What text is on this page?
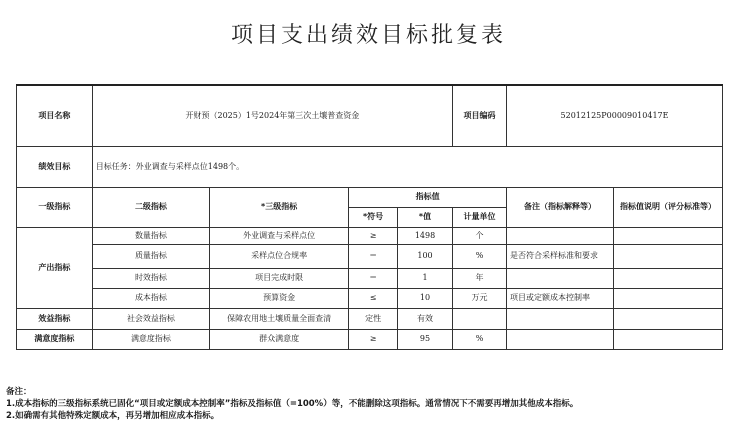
项目支出绩效目标批复表
项目名称	开财预（2025）1号2024年第三次土壤普查资金				项目编码	52012125P00009010417E	
绩效目标	目标任务：外业调查与采样点位1498个。						
一级指标	二级指标	*三级指标	指标值			备注（指标解释等）	指标值说明（评分标准等）
			*符号	*值	计量单位		
产出指标	数量指标	外业调查与采样点位	≥	1498	个		
	质量指标	采样点位合规率	＝	100	%	是否符合采样标准和要求	
	时效指标	项目完成时限	＝	1	年		
	成本指标	预算资金	≤	10	万元	项目或定额成本控制率	
效益指标	社会效益指标	保障农用地土壤质量全面查清	定性	有效			
满意度指标	满意度指标	群众满意度	≥	95	%		
备注：
1.成本指标的三级指标系统已固化“项目或定额成本控制率”指标及指标值（=100%）等，不能删除这项指标。通常情况下不需要再增加其他成本指标。
2.如确需有其他特殊定额成本，再另增加相应成本指标。
